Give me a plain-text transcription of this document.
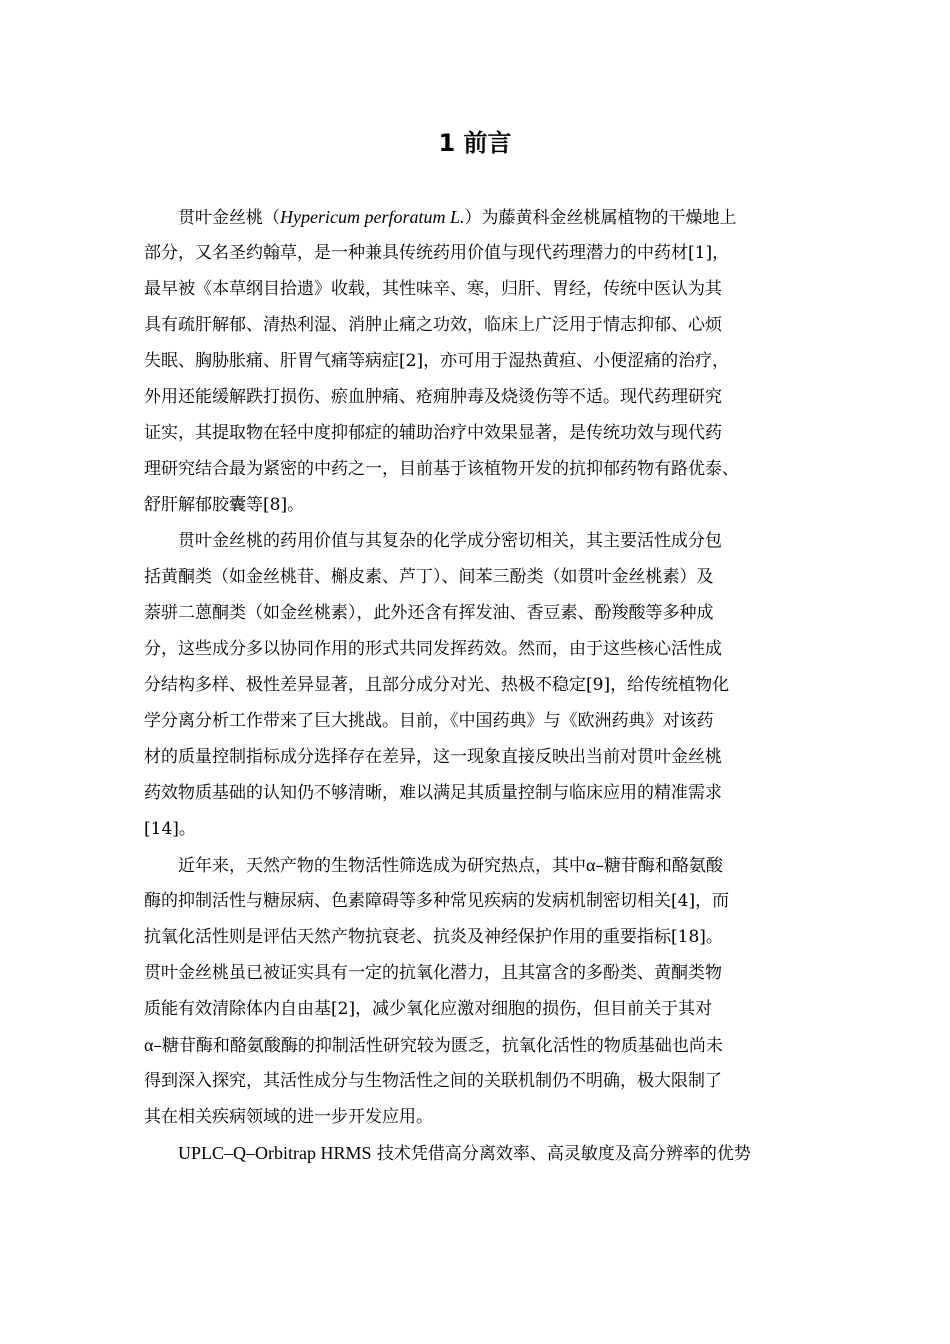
1 前言
贯叶金丝桃（Hypericum perforatum L.）为藤黄科金丝桃属植物的干燥地上
部分，又名圣约翰草，是一种兼具传统药用价值与现代药理潜力的中药材[1]，
最早被《本草纲目拾遗》收载，其性味辛、寒，归肝、胃经，传统中医认为其
具有疏肝解郁、清热利湿、消肿止痛之功效，临床上广泛用于情志抑郁、心烦
失眠、胸胁胀痛、肝胃气痛等病症[2]，亦可用于湿热黄疸、小便涩痛的治疗，
外用还能缓解跌打损伤、瘀血肿痛、疮痈肿毒及烧烫伤等不适。现代药理研究
证实，其提取物在轻中度抑郁症的辅助治疗中效果显著，是传统功效与现代药
理研究结合最为紧密的中药之一，目前基于该植物开发的抗抑郁药物有路优泰、
舒肝解郁胶囊等[8]。
贯叶金丝桃的药用价值与其复杂的化学成分密切相关，其主要活性成分包
括黄酮类（如金丝桃苷、槲皮素、芦丁）、间苯三酚类（如贯叶金丝桃素）及
萘骈二蒽酮类（如金丝桃素），此外还含有挥发油、香豆素、酚羧酸等多种成
分，这些成分多以协同作用的形式共同发挥药效。然而，由于这些核心活性成
分结构多样、极性差异显著，且部分成分对光、热极不稳定[9]，给传统植物化
学分离分析工作带来了巨大挑战。目前，《中国药典》与《欧洲药典》对该药
材的质量控制指标成分选择存在差异，这一现象直接反映出当前对贯叶金丝桃
药效物质基础的认知仍不够清晰，难以满足其质量控制与临床应用的精准需求
[14]。
近年来，天然产物的生物活性筛选成为研究热点，其中α–糖苷酶和酪氨酸
酶的抑制活性与糖尿病、色素障碍等多种常见疾病的发病机制密切相关[4]，而
抗氧化活性则是评估天然产物抗衰老、抗炎及神经保护作用的重要指标[18]。
贯叶金丝桃虽已被证实具有一定的抗氧化潜力，且其富含的多酚类、黄酮类物
质能有效清除体内自由基[2]，减少氧化应激对细胞的损伤，但目前关于其对
α–糖苷酶和酪氨酸酶的抑制活性研究较为匮乏，抗氧化活性的物质基础也尚未
得到深入探究，其活性成分与生物活性之间的关联机制仍不明确，极大限制了
其在相关疾病领域的进一步开发应用。
UPLC–Q–Orbitrap HRMS 技术凭借高分离效率、高灵敏度及高分辨率的优势
